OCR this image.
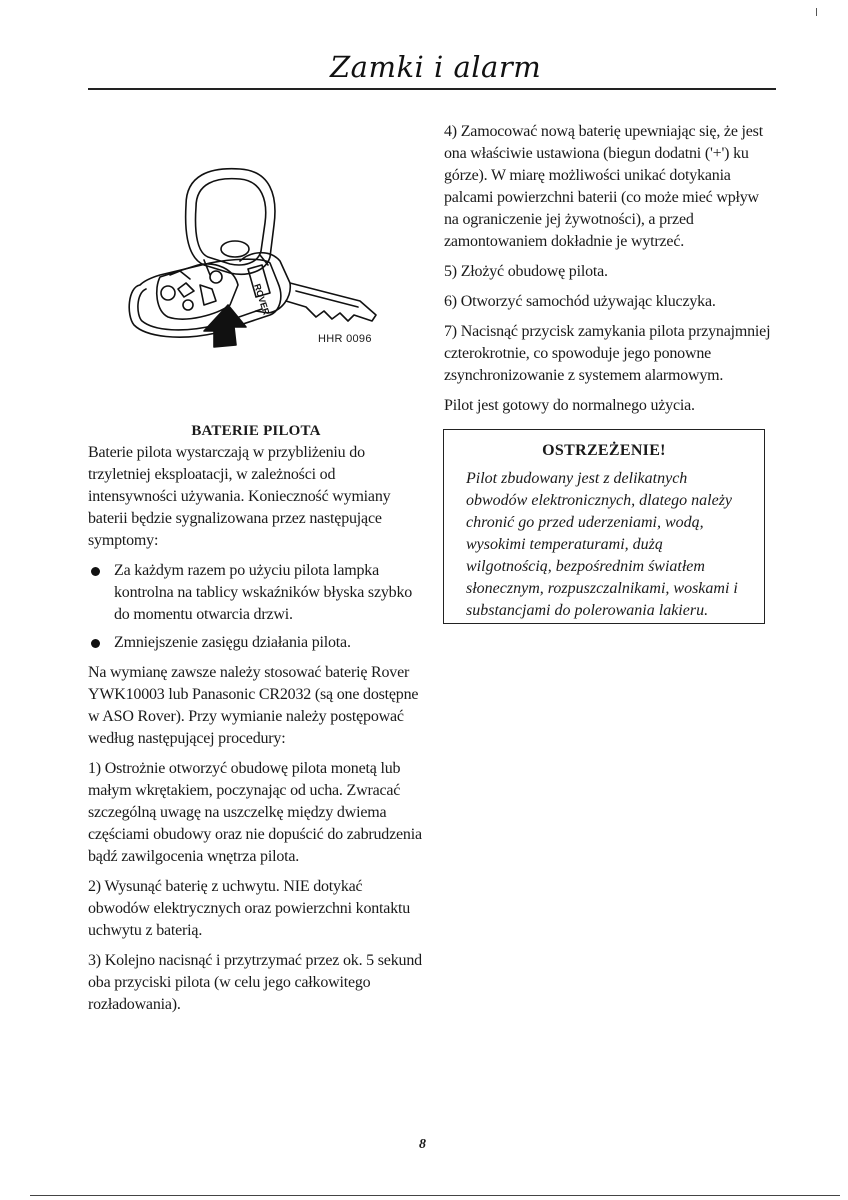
Zamki i alarm
ROVER
HHR 0096
BATERIE PILOTA

Baterie pilota wystarczają w przybliżeniu do trzyletniej eksploatacji, w zależności od intensywności używania. Konieczność wymiany baterii będzie sygnalizowana przez następujące symptomy:

Za każdym razem po użyciu pilota lampka kontrolna na tablicy wskaźników błyska szybko do momentu otwarcia drzwi.
Zmniejszenie zasięgu działania pilota.

Na wymianę zawsze należy stosować baterię Rover YWK10003 lub Panasonic CR2032 (są one dostępne w ASO Rover). Przy wymianie należy postępować według następującej procedury:

1) Ostrożnie otworzyć obudowę pilota monetą lub małym wkrętakiem, poczynając od ucha. Zwracać szczególną uwagę na uszczelkę między dwiema częściami obudowy oraz nie dopuścić do zabrudzenia bądź zawilgocenia wnętrza pilota.

2) Wysunąć baterię z uchwytu. NIE dotykać obwodów elektrycznych oraz powierzchni kontaktu uchwytu z baterią.

3) Kolejno nacisnąć i przytrzymać przez ok. 5 sekund oba przyciski pilota (w celu jego całkowitego rozładowania).

4) Zamocować nową baterię upewniając się, że jest ona właściwie ustawiona (biegun dodatni ('+') ku górze). W miarę możliwości unikać dotykania palcami powierzchni baterii (co może mieć wpływ na ograniczenie jej żywotności), a przed zamontowaniem dokładnie je wytrzeć.

5) Złożyć obudowę pilota.

6) Otworzyć samochód używając kluczyka.

7) Nacisnąć przycisk zamykania pilota przynajmniej czterokrotnie, co spowoduje jego ponowne zsynchronizowanie z systemem alarmowym.

Pilot jest gotowy do normalnego użycia.

OSTRZEŻENIE!
Pilot zbudowany jest z delikatnych obwodów elektronicznych, dlatego należy chronić go przed uderzeniami, wodą, wysokimi temperaturami, dużą wilgotnością, bezpośrednim światłem słonecznym, rozpuszczalnikami, woskami i substancjami do polerowania lakieru.
8
